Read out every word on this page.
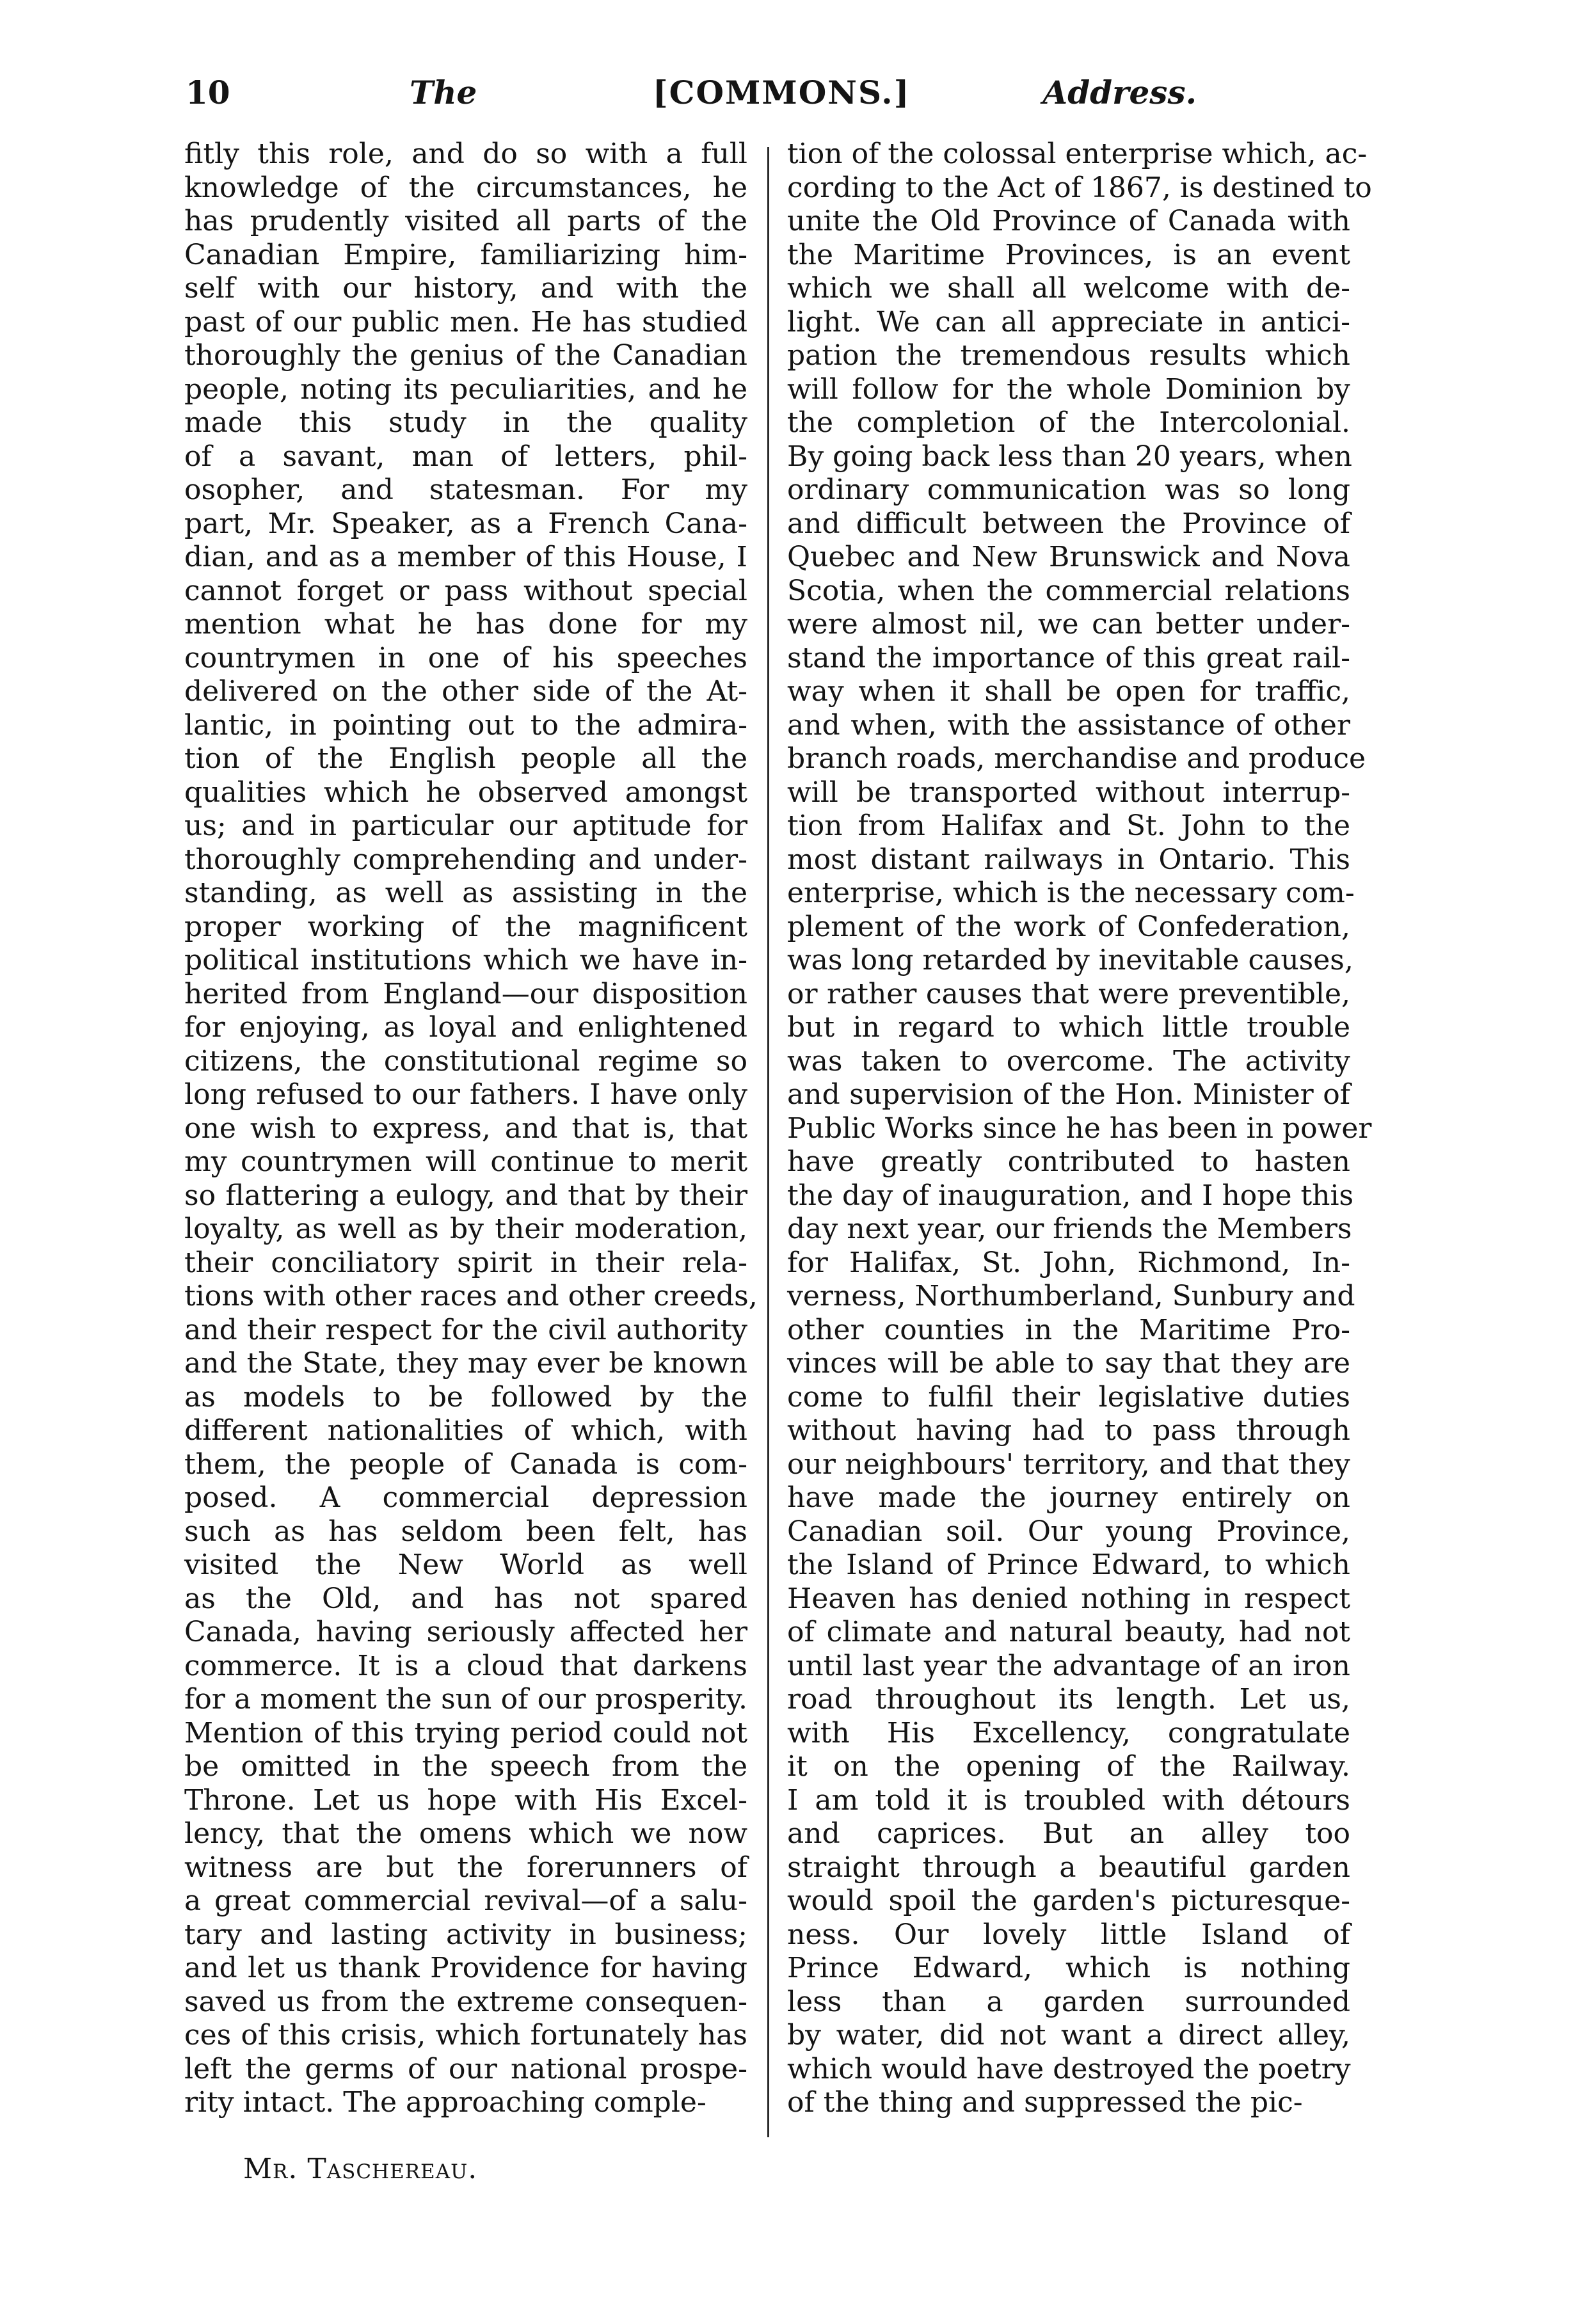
10	The	[COMMONS.]	Address.
fitly this role, and do so with a full
knowledge of the circumstances, he
has prudently visited all parts of the
Canadian Empire, familiarizing him-
self with our history, and with the
past of our public men. He has studied
thoroughly the genius of the Canadian
people, noting its peculiarities, and he
made this study in the quality
of a savant, man of letters, phil-
osopher, and statesman. For my
part, Mr. Speaker, as a French Cana-
dian, and as a member of this House, I
cannot forget or pass without special
mention what he has done for my
countrymen in one of his speeches
delivered on the other side of the At-
lantic, in pointing out to the admira-
tion of the English people all the
qualities which he observed amongst
us; and in particular our aptitude for
thoroughly comprehending and under-
standing, as well as assisting in the
proper working of the magnificent
political institutions which we have in-
herited from England—our disposition
for enjoying, as loyal and enlightened
citizens, the constitutional regime so
long refused to our fathers. I have only
one wish to express, and that is, that
my countrymen will continue to merit
so flattering a eulogy, and that by their
loyalty, as well as by their moderation,
their conciliatory spirit in their rela-
tions with other races and other creeds,
and their respect for the civil authority
and the State, they may ever be known
as models to be followed by the
different nationalities of which, with
them, the people of Canada is com-
posed. A commercial depression
such as has seldom been felt, has
visited the New World as well
as the Old, and has not spared
Canada, having seriously affected her
commerce. It is a cloud that darkens
for a moment the sun of our prosperity.
Mention of this trying period could not
be omitted in the speech from the
Throne. Let us hope with His Excel-
lency, that the omens which we now
witness are but the forerunners of
a great commercial revival—of a salu-
tary and lasting activity in business;
and let us thank Providence for having
saved us from the extreme consequen-
ces of this crisis, which fortunately has
left the germs of our national prospe-
rity intact. The approaching comple-
tion of the colossal enterprise which, ac-
cording to the Act of 1867, is destined to
unite the Old Province of Canada with
the Maritime Provinces, is an event
which we shall all welcome with de-
light. We can all appreciate in antici-
pation the tremendous results which
will follow for the whole Dominion by
the completion of the Intercolonial.
By going back less than 20 years, when
ordinary communication was so long
and difficult between the Province of
Quebec and New Brunswick and Nova
Scotia, when the commercial relations
were almost nil, we can better under-
stand the importance of this great rail-
way when it shall be open for traffic,
and when, with the assistance of other
branch roads, merchandise and produce
will be transported without interrup-
tion from Halifax and St. John to the
most distant railways in Ontario. This
enterprise, which is the necessary com-
plement of the work of Confederation,
was long retarded by inevitable causes,
or rather causes that were preventible,
but in regard to which little trouble
was taken to overcome. The activity
and supervision of the Hon. Minister of
Public Works since he has been in power
have greatly contributed to hasten
the day of inauguration, and I hope this
day next year, our friends the Members
for Halifax, St. John, Richmond, In-
verness, Northumberland, Sunbury and
other counties in the Maritime Pro-
vinces will be able to say that they are
come to fulfil their legislative duties
without having had to pass through
our neighbours' territory, and that they
have made the journey entirely on
Canadian soil. Our young Province,
the Island of Prince Edward, to which
Heaven has denied nothing in respect
of climate and natural beauty, had not
until last year the advantage of an iron
road throughout its length. Let us,
with His Excellency, congratulate
it on the opening of the Railway.
I am told it is troubled with détours
and caprices. But an alley too
straight through a beautiful garden
would spoil the garden's picturesque-
ness. Our lovely little Island of
Prince Edward, which is nothing
less than a garden surrounded
by water, did not want a direct alley,
which would have destroyed the poetry
of the thing and suppressed the pic-
Mr. Taschereau.
